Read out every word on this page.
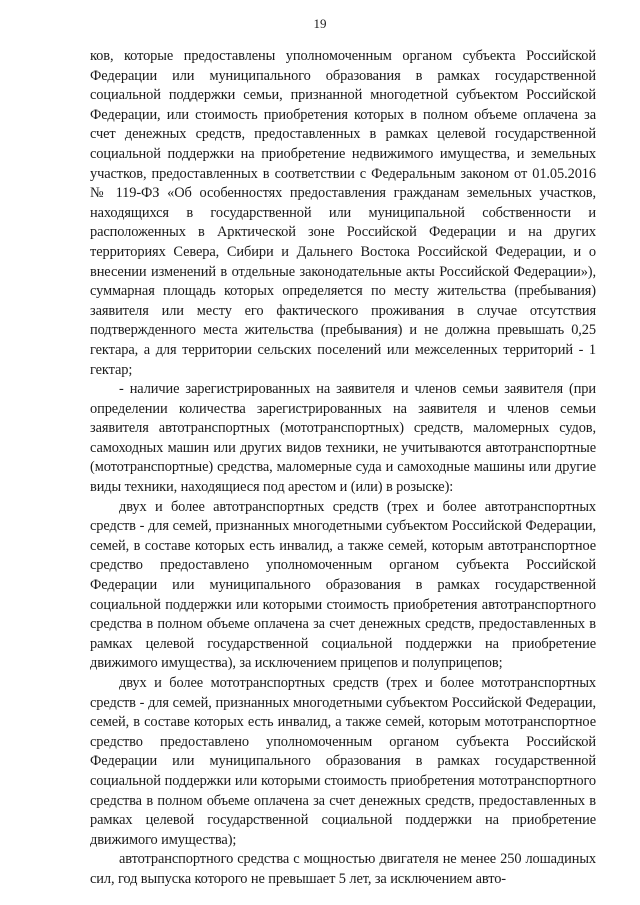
19

ков, которые предоставлены уполномоченным органом субъекта Российской Федерации или муниципального образования в рамках государственной социальной поддержки семьи, признанной многодетной субъектом Российской Федерации, или стоимость приобретения которых в полном объеме оплачена за счет денежных средств, предоставленных в рамках целевой государственной социальной поддержки на приобретение недвижимого имущества, и земельных участков, предоставленных в соответствии с Федеральным законом от 01.05.2016 № 119-ФЗ «Об особенностях предоставления гражданам земельных участков, находящихся в государственной или муниципальной собственности и расположенных в Арктической зоне Российской Федерации и на других территориях Севера, Сибири и Дальнего Востока Российской Федерации, и о внесении изменений в отдельные законодательные акты Российской Федерации»), суммарная площадь которых определяется по месту жительства (пребывания) заявителя или месту его фактического проживания в случае отсутствия подтвержденного места жительства (пребывания) и не должна превышать 0,25 гектара, а для территории сельских поселений или межселенных территорий - 1 гектар;

- наличие зарегистрированных на заявителя и членов семьи заявителя (при определении количества зарегистрированных на заявителя и членов семьи заявителя автотранспортных (мототранспортных) средств, маломерных судов, самоходных машин или других видов техники, не учитываются автотранспортные (мототранспортные) средства, маломерные суда и самоходные машины или другие виды техники, находящиеся под арестом и (или) в розыске):

двух и более автотранспортных средств (трех и более автотранспортных средств - для семей, признанных многодетными субъектом Российской Федерации, семей, в составе которых есть инвалид, а также семей, которым автотранспортное средство предоставлено уполномоченным органом субъекта Российской Федерации или муниципального образования в рамках государственной социальной поддержки или которыми стоимость приобретения автотранспортного средства в полном объеме оплачена за счет денежных средств, предоставленных в рамках целевой государственной социальной поддержки на приобретение движимого имущества), за исключением прицепов и полуприцепов;

двух и более мототранспортных средств (трех и более мототранспортных средств - для семей, признанных многодетными субъектом Российской Федерации, семей, в составе которых есть инвалид, а также семей, которым мототранспортное средство предоставлено уполномоченным органом субъекта Российской Федерации или муниципального образования в рамках государственной социальной поддержки или которыми стоимость приобретения мототранспортного средства в полном объеме оплачена за счет денежных средств, предоставленных в рамках целевой государственной социальной поддержки на приобретение движимого имущества);

автотранспортного средства с мощностью двигателя не менее 250 лошадиных сил, год выпуска которого не превышает 5 лет, за исключением авто-
